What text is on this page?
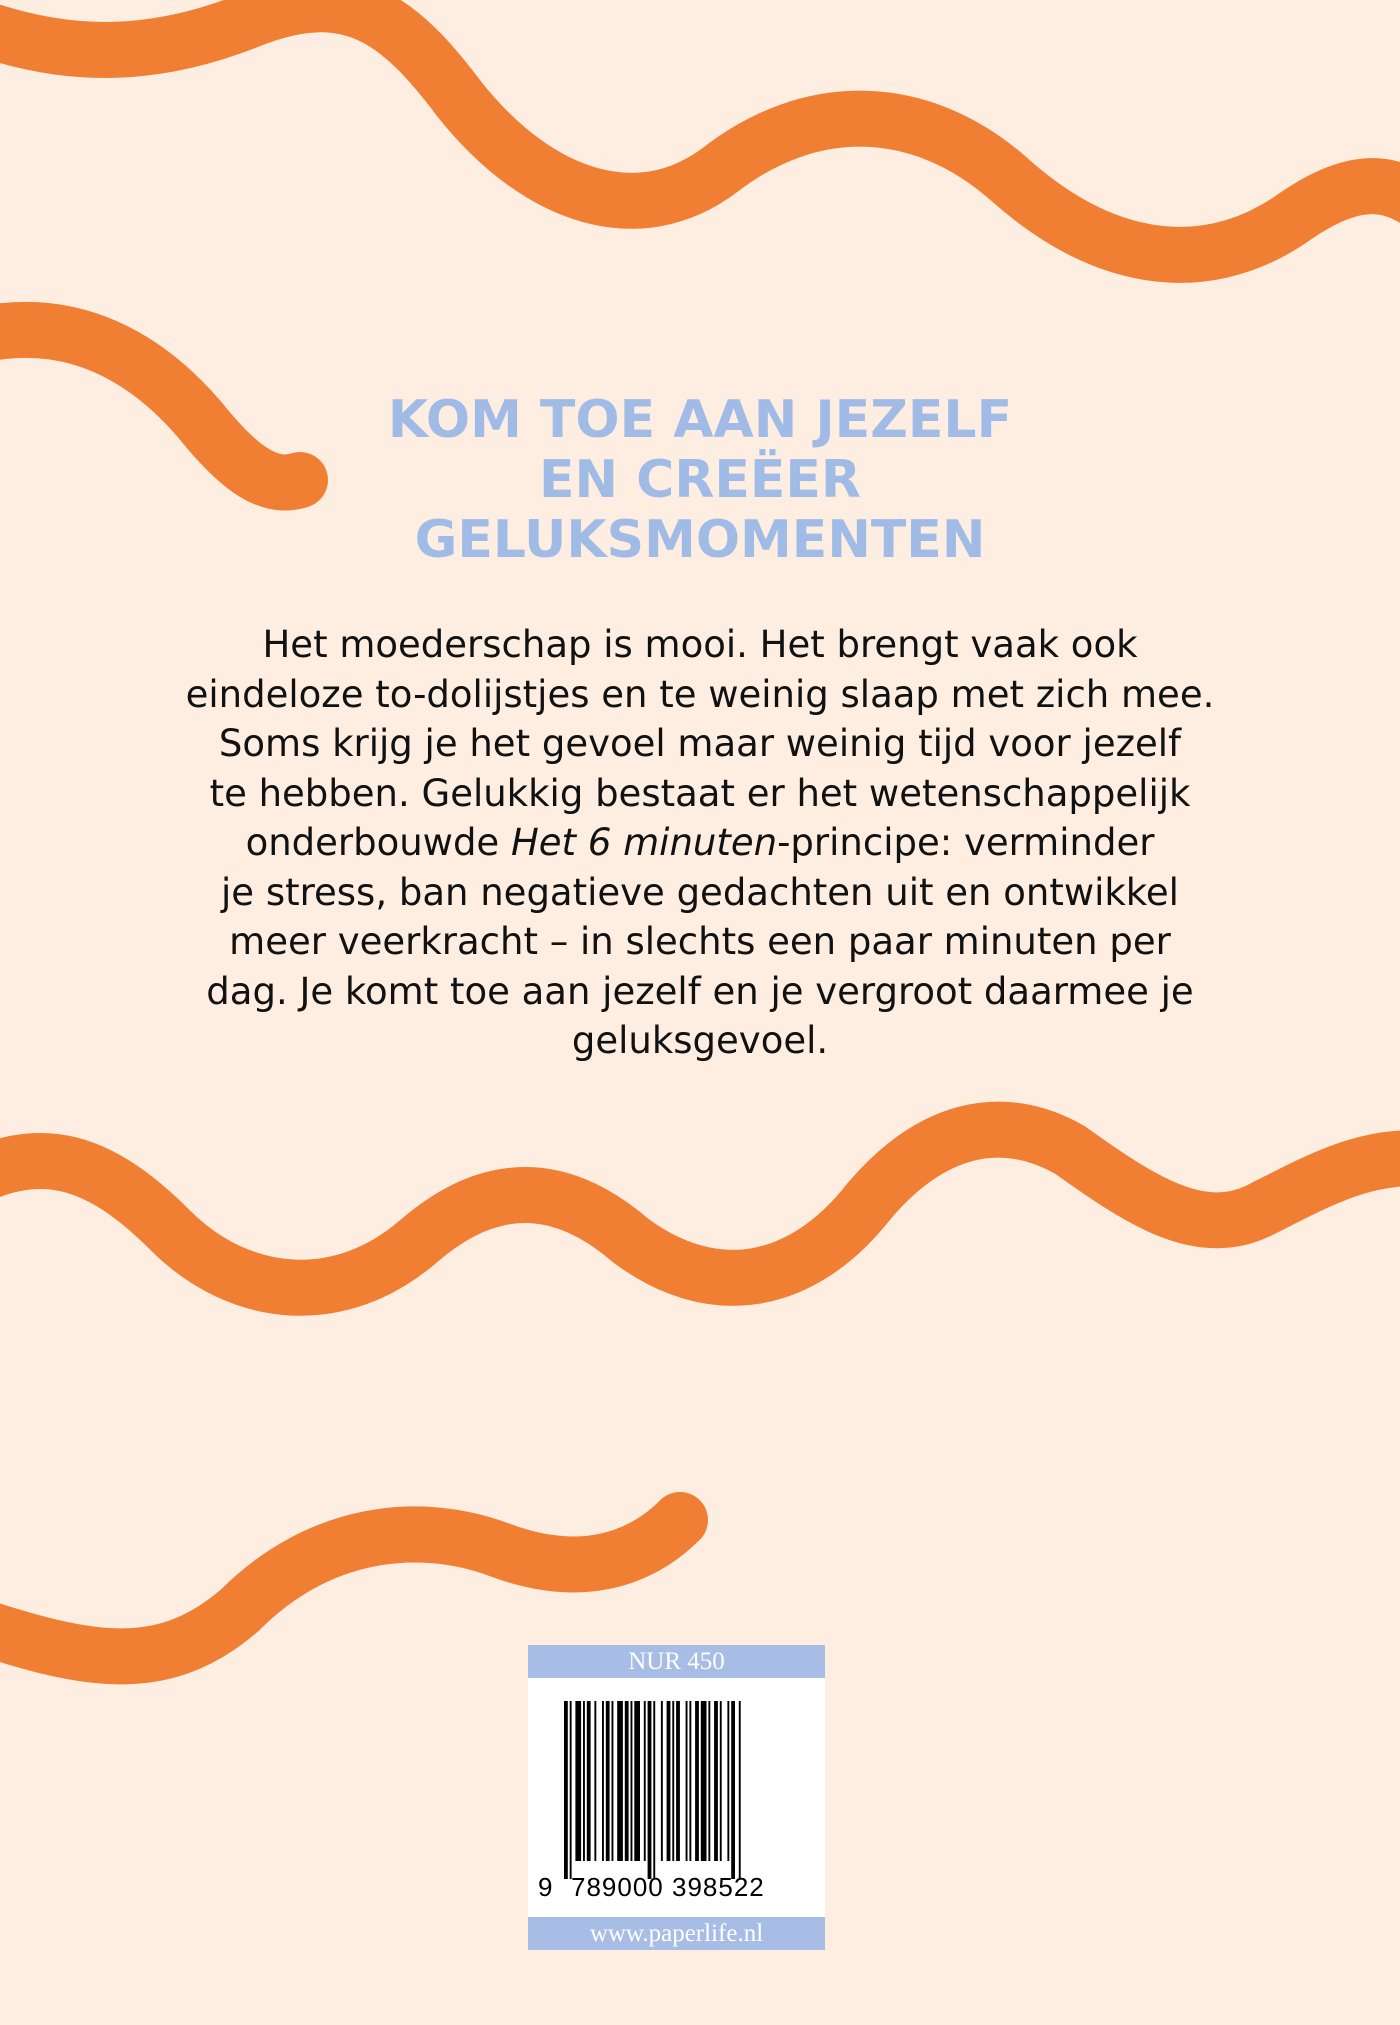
KOM TOE AAN JEZELF
EN CREËER
GELUKSMOMENTEN
Het moederschap is mooi. Het brengt vaak ook
eindeloze to-dolijstjes en te weinig slaap met zich mee.
Soms krijg je het gevoel maar weinig tijd voor jezelf
te hebben. Gelukkig bestaat er het wetenschappelijk
onderbouwde Het 6 minuten-principe: verminder
je stress, ban negatieve gedachten uit en ontwikkel
meer veerkracht – in slechts een paar minuten per
dag. Je komt toe aan jezelf en je vergroot daarmee je
geluksgevoel.
NUR 450
9 789000 398522
www.paperlife.nl
